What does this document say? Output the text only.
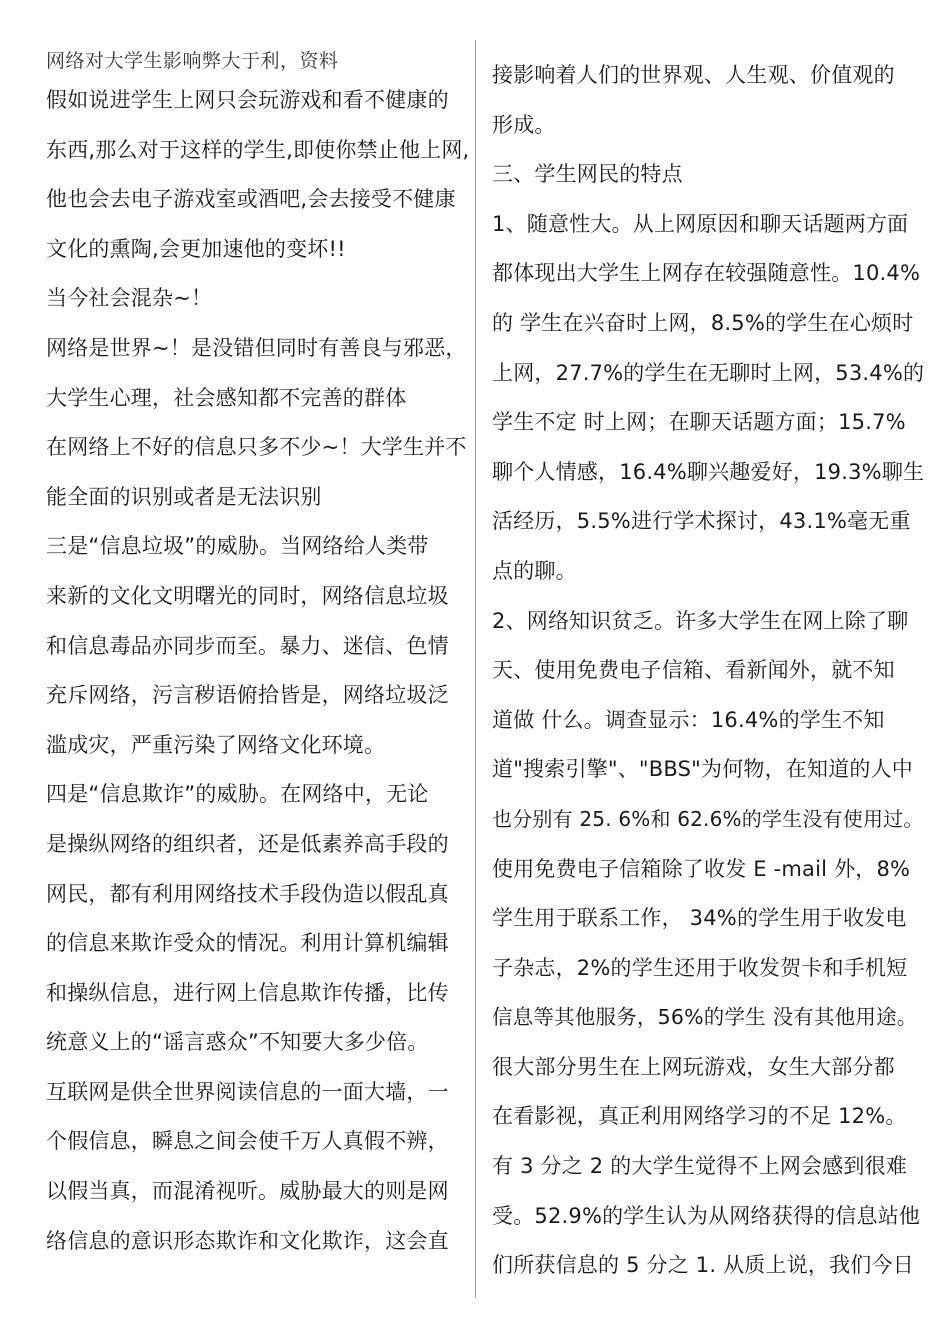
网络对大学生影响弊大于利，资料
假如说进学生上网只会玩游戏和看不健康的
东西,那么对于这样的学生,即使你禁止他上网,
他也会去电子游戏室或酒吧,会去接受不健康
文化的熏陶,会更加速他的变坏!!
当今社会混杂~！
网络是世界~！是没错但同时有善良与邪恶，
大学生心理，社会感知都不完善的群体
在网络上不好的信息只多不少~！大学生并不
能全面的识别或者是无法识别
三是“信息垃圾”的威胁。当网络给人类带
来新的文化文明曙光的同时，网络信息垃圾
和信息毒品亦同步而至。暴力、迷信、色情
充斥网络，污言秽语俯拾皆是，网络垃圾泛
滥成灾，严重污染了网络文化环境。
四是“信息欺诈”的威胁。在网络中，无论
是操纵网络的组织者，还是低素养高手段的
网民，都有利用网络技术手段伪造以假乱真
的信息来欺诈受众的情况。利用计算机编辑
和操纵信息，进行网上信息欺诈传播，比传
统意义上的“谣言惑众”不知要大多少倍。
互联网是供全世界阅读信息的一面大墙，一
个假信息，瞬息之间会使千万人真假不辨，
以假当真，而混淆视听。威胁最大的则是网
络信息的意识形态欺诈和文化欺诈，这会直
接影响着人们的世界观、人生观、价值观的
形成。
三、学生网民的特点
1、随意性大。从上网原因和聊天话题两方面
都体现出大学生上网存在较强随意性。10.4%
的 学生在兴奋时上网，8.5%的学生在心烦时
上网，27.7%的学生在无聊时上网，53.4%的
学生不定 时上网；在聊天话题方面；15.7%
聊个人情感，16.4%聊兴趣爱好，19.3%聊生
活经历，5.5%进行学术探讨，43.1%毫无重
点的聊。
2、网络知识贫乏。许多大学生在网上除了聊
天、使用免费电子信箱、看新闻外，就不知
道做 什么。调查显示：16.4%的学生不知
道"搜索引擎"、"BBS"为何物，在知道的人中
也分别有 25. 6%和 62.6%的学生没有使用过。
使用免费电子信箱除了收发 E -mail 外，8%
学生用于联系工作， 34%的学生用于收发电
子杂志，2%的学生还用于收发贺卡和手机短
信息等其他服务，56%的学生 没有其他用途。
很大部分男生在上网玩游戏，女生大部分都
在看影视，真正利用网络学习的不足 12%。
有 3 分之 2 的大学生觉得不上网会感到很难
受。52.9%的学生认为从网络获得的信息站他
们所获信息的 5 分之 1. 从质上说，我们今日
